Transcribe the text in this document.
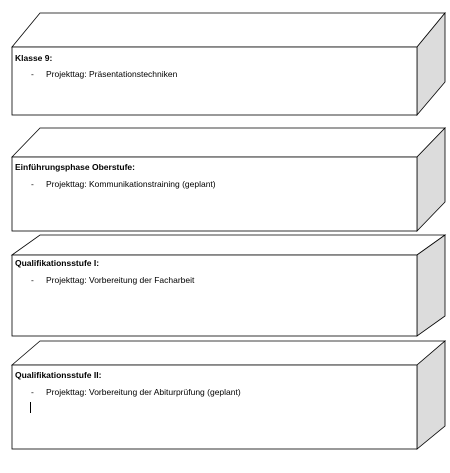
Klasse 9:
- Projekttag: Präsentationstechniken
Einführungsphase Oberstufe:
- Projekttag: Kommunikationstraining (geplant)
Qualifikationsstufe I:
- Projekttag: Vorbereitung der Facharbeit
Qualifikationsstufe II:
- Projekttag: Vorbereitung der Abiturprüfung (geplant)
